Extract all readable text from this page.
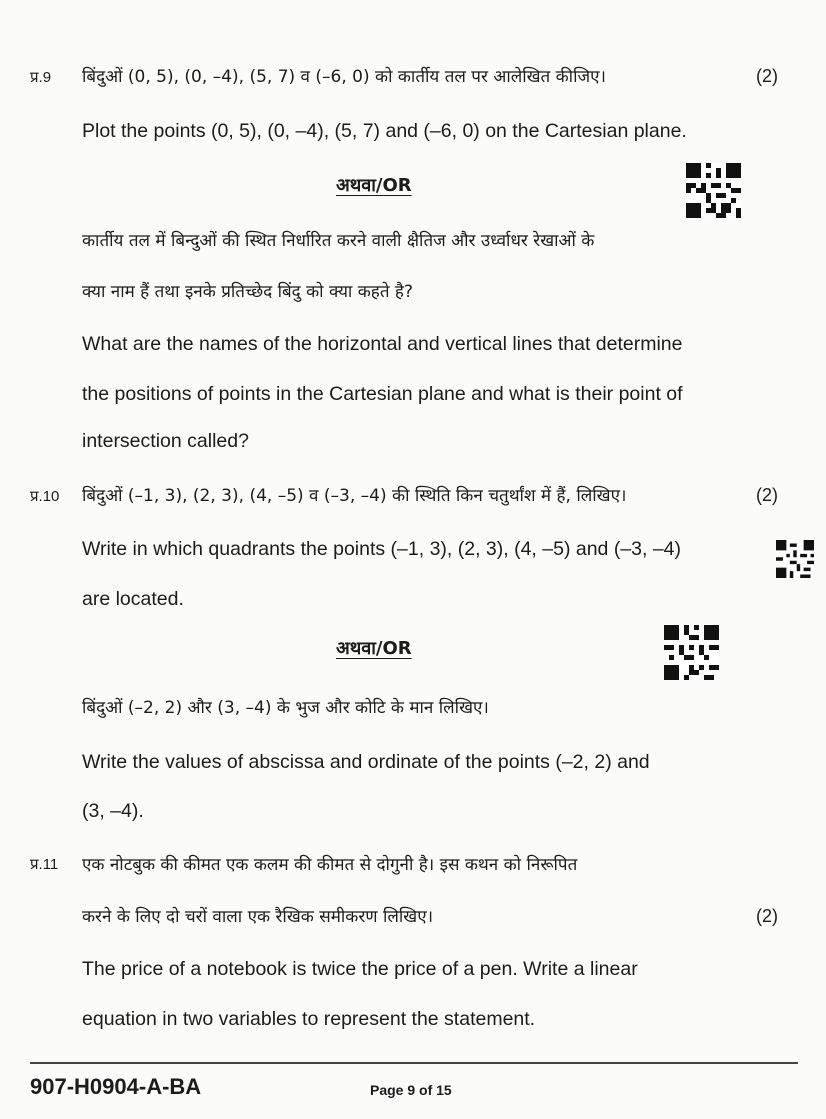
प्र.9 बिंदुओं (0, 5), (0, –4), (5, 7) व (–6, 0) को कार्तीय तल पर आलेखित कीजिए।	(2)
Plot the points (0, 5), (0, –4), (5, 7) and (–6, 0) on the Cartesian plane.
अथवा/OR
कार्तीय तल में बिन्दुओं की स्थित निर्धारित करने वाली क्षैतिज और उर्ध्वाधर रेखाओं के
क्या नाम हैं तथा इनके प्रतिच्छेद बिंदु को क्या कहते है?
What are the names of the horizontal and vertical lines that determine
the positions of points in the Cartesian plane and what is their point of
intersection called?
प्र.10 बिंदुओं (–1, 3), (2, 3), (4, –5) व (–3, –4) की स्थिति किन चतुर्थांश में हैं, लिखिए।	(2)
Write in which quadrants the points (–1, 3), (2, 3), (4, –5) and (–3, –4)
are located.
अथवा/OR
बिंदुओं (–2, 2) और (3, –4) के भुज और कोटि के मान लिखिए।
Write the values of abscissa and ordinate of the points (–2, 2) and
(3, –4).
प्र.11 एक नोटबुक की कीमत एक कलम की कीमत से दोगुनी है। इस कथन को निरूपित
करने के लिए दो चरों वाला एक रैखिक समीकरण लिखिए।	(2)
The price of a notebook is twice the price of a pen. Write a linear
equation in two variables to represent the statement.
907-H0904-A-BA	Page 9 of 15
